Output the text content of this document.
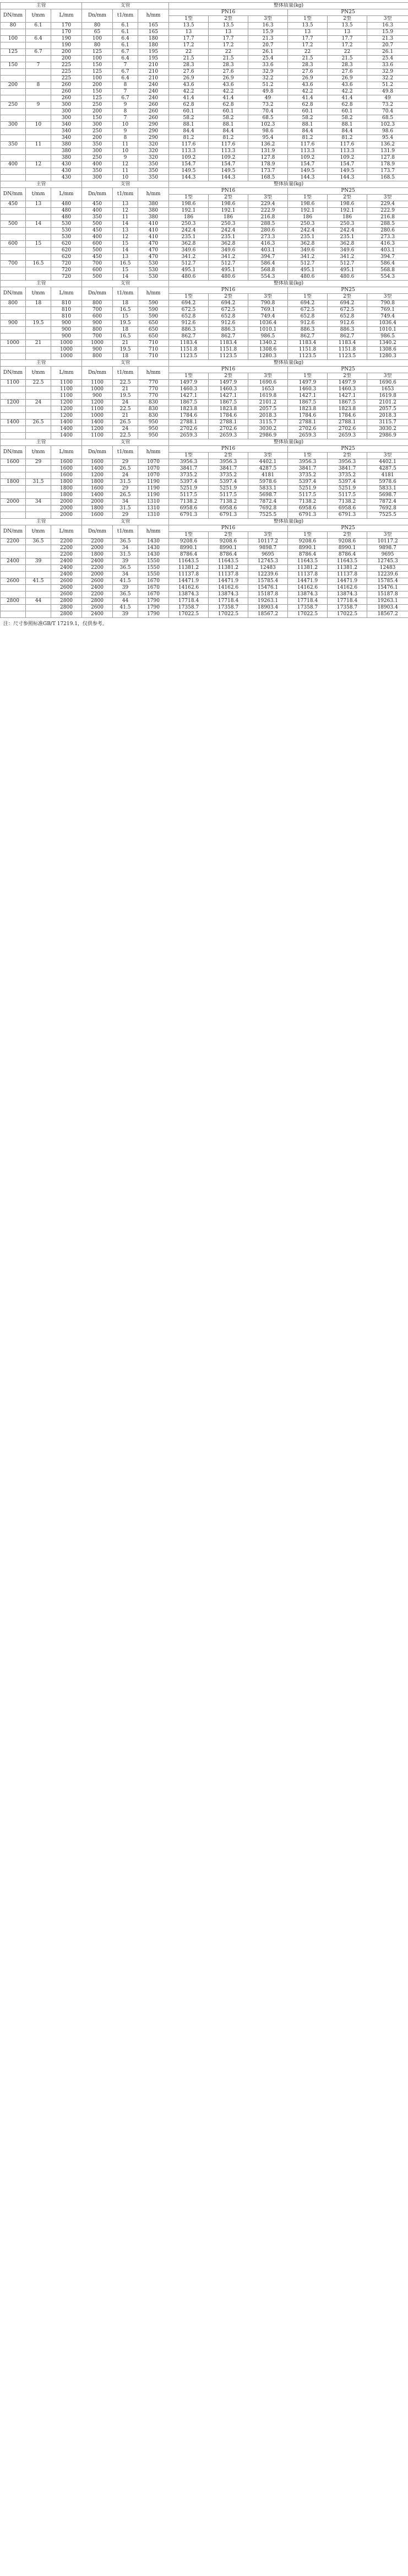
主管			支管			整体质量(kg)					
DN/mm	t/mm	L/mm	Dn/mm	t1/mm	h/mm	PN16			PN25		
						1型	2型	3型	1型	2型	3型
80	6.1	170	80	6.1	165	13.5	13.5	16.3	13.5	13.5	16.3
		170	65	6.1	165	13	13	15.9	13	13	15.9
100	6.4	190	100	6.4	180	17.7	17.7	21.3	17.7	17.7	21.3
		190	80	6.1	180	17.2	17.2	20.7	17.2	17.2	20.7
125	6.7	200	125	6.7	195	22	22	26.1	22	22	26.1
		200	100	6.4	195	21.5	21.5	25.4	21.5	21.5	25.4
150	7	225	150	7	210	28.3	28.3	33.6	28.3	28.3	33.6
		225	125	6.7	210	27.6	27.6	32.9	27.6	27.6	32.9
		225	100	6.4	210	26.9	26.9	32.2	26.9	26.9	32.2
200	8	260	200	8	240	43.6	43.6	51.2	43.6	43.6	51.2
		260	150	7	240	42.2	42.2	49.8	42.2	42.2	49.8
		260	125	6.7	240	41.4	41.4	49	41.4	41.4	49
250	9	300	250	9	260	62.8	62.8	73.2	62.8	62.8	73.2
		300	200	8	260	60.1	60.1	70.4	60.1	60.1	70.4
		300	150	7	260	58.2	58.2	68.5	58.2	58.2	68.5
300	10	340	300	10	290	88.1	88.1	102.3	88.1	88.1	102.3
		340	250	9	290	84.4	84.4	98.6	84.4	84.4	98.6
		340	200	8	290	81.2	81.2	95.4	81.2	81.2	95.4
350	11	380	350	11	320	117.6	117.6	136.2	117.6	117.6	136.2
		380	300	10	320	113.3	113.3	131.9	113.3	113.3	131.9
		380	250	9	320	109.2	109.2	127.8	109.2	109.2	127.8
400	12	430	400	12	350	154.7	154.7	178.9	154.7	154.7	178.9
		430	350	11	350	149.5	149.5	173.7	149.5	149.5	173.7
		430	300	10	350	144.3	144.3	168.5	144.3	144.3	168.5
主管			支管			整体质量(kg)					
DN/mm	t/mm	L/mm	Dn/mm	t1/mm	h/mm	PN16			PN25		
						1型	2型	3型	1型	2型	3型
450	13	480	450	13	380	198.6	198.6	229.4	198.6	198.6	229.4
		480	400	12	380	192.1	192.1	222.9	192.1	192.1	222.9
		480	350	11	380	186	186	216.8	186	186	216.8
500	14	530	500	14	410	250.3	250.3	288.5	250.3	250.3	288.5
		530	450	13	410	242.4	242.4	280.6	242.4	242.4	280.6
		530	400	12	410	235.1	235.1	273.3	235.1	235.1	273.3
600	15	620	600	15	470	362.8	362.8	416.3	362.8	362.8	416.3
		620	500	14	470	349.6	349.6	403.1	349.6	349.6	403.1
		620	450	13	470	341.2	341.2	394.7	341.2	341.2	394.7
700	16.5	720	700	16.5	530	512.7	512.7	586.4	512.7	512.7	586.4
		720	600	15	530	495.1	495.1	568.8	495.1	495.1	568.8
		720	500	14	530	480.6	480.6	554.3	480.6	480.6	554.3
主管			支管			整体质量(kg)					
DN/mm	t/mm	L/mm	Dn/mm	t1/mm	h/mm	PN16			PN25		
						1型	2型	3型	1型	2型	3型
800	18	810	800	18	590	694.2	694.2	790.8	694.2	694.2	790.8
		810	700	16.5	590	672.5	672.5	769.1	672.5	672.5	769.1
		810	600	15	590	652.8	652.8	749.4	652.8	652.8	749.4
900	19.5	900	900	19.5	650	912.6	912.6	1036.4	912.6	912.6	1036.4
		900	800	18	650	886.3	886.3	1010.1	886.3	886.3	1010.1
		900	700	16.5	650	862.7	862.7	986.5	862.7	862.7	986.5
1000	21	1000	1000	21	710	1183.4	1183.4	1340.2	1183.4	1183.4	1340.2
		1000	900	19.5	710	1151.8	1151.8	1308.6	1151.8	1151.8	1308.6
		1000	800	18	710	1123.5	1123.5	1280.3	1123.5	1123.5	1280.3
主管			支管			整体质量(kg)					
DN/mm	t/mm	L/mm	Dn/mm	t1/mm	h/mm	PN16			PN25		
						1型	2型	3型	1型	2型	3型
1100	22.5	1100	1100	22.5	770	1497.9	1497.9	1690.6	1497.9	1497.9	1690.6
		1100	1000	21	770	1460.3	1460.3	1653	1460.3	1460.3	1653
		1100	900	19.5	770	1427.1	1427.1	1619.8	1427.1	1427.1	1619.8
1200	24	1200	1200	24	830	1867.5	1867.5	2101.2	1867.5	1867.5	2101.2
		1200	1100	22.5	830	1823.8	1823.8	2057.5	1823.8	1823.8	2057.5
		1200	1000	21	830	1784.6	1784.6	2018.3	1784.6	1784.6	2018.3
1400	26.5	1400	1400	26.5	950	2788.1	2788.1	3115.7	2788.1	2788.1	3115.7
		1400	1200	24	950	2702.6	2702.6	3030.2	2702.6	2702.6	3030.2
		1400	1100	22.5	950	2659.3	2659.3	2986.9	2659.3	2659.3	2986.9
主管			支管			整体质量(kg)					
DN/mm	t/mm	L/mm	Dn/mm	t1/mm	h/mm	PN16			PN25		
						1型	2型	3型	1型	2型	3型
1600	29	1600	1600	29	1070	3956.3	3956.3	4402.1	3956.3	3956.3	4402.1
		1600	1400	26.5	1070	3841.7	3841.7	4287.5	3841.7	3841.7	4287.5
		1600	1200	24	1070	3735.2	3735.2	4181	3735.2	3735.2	4181
1800	31.5	1800	1800	31.5	1190	5397.4	5397.4	5978.6	5397.4	5397.4	5978.6
		1800	1600	29	1190	5251.9	5251.9	5833.1	5251.9	5251.9	5833.1
		1800	1400	26.5	1190	5117.5	5117.5	5698.7	5117.5	5117.5	5698.7
2000	34	2000	2000	34	1310	7138.2	7138.2	7872.4	7138.2	7138.2	7872.4
		2000	1800	31.5	1310	6958.6	6958.6	7692.8	6958.6	6958.6	7692.8
		2000	1600	29	1310	6791.3	6791.3	7525.5	6791.3	6791.3	7525.5
主管			支管			整体质量(kg)					
DN/mm	t/mm	L/mm	Dn/mm	t1/mm	h/mm	PN16			PN25		
						1型	2型	3型	1型	2型	3型
2200	36.5	2200	2200	36.5	1430	9208.6	9208.6	10117.2	9208.6	9208.6	10117.2
		2200	2000	34	1430	8990.1	8990.1	9898.7	8990.1	8990.1	9898.7
		2200	1800	31.5	1430	8786.4	8786.4	9695	8786.4	8786.4	9695
2400	39	2400	2400	39	1550	11643.5	11643.5	12745.3	11643.5	11643.5	12745.3
		2400	2200	36.5	1550	11381.2	11381.2	12483	11381.2	11381.2	12483
		2400	2000	34	1550	11137.8	11137.8	12239.6	11137.8	11137.8	12239.6
2600	41.5	2600	2600	41.5	1670	14471.9	14471.9	15785.4	14471.9	14471.9	15785.4
		2600	2400	39	1670	14162.6	14162.6	15476.1	14162.6	14162.6	15476.1
		2600	2200	36.5	1670	13874.3	13874.3	15187.8	13874.3	13874.3	15187.8
2800	44	2800	2800	44	1790	17718.4	17718.4	19263.1	17718.4	17718.4	19263.1
		2800	2600	41.5	1790	17358.7	17358.7	18903.4	17358.7	17358.7	18903.4
		2800	2400	39	1790	17022.5	17022.5	18567.2	17022.5	17022.5	18567.2
注：尺寸参照标准GB/T 17219.1，仅供参考。
